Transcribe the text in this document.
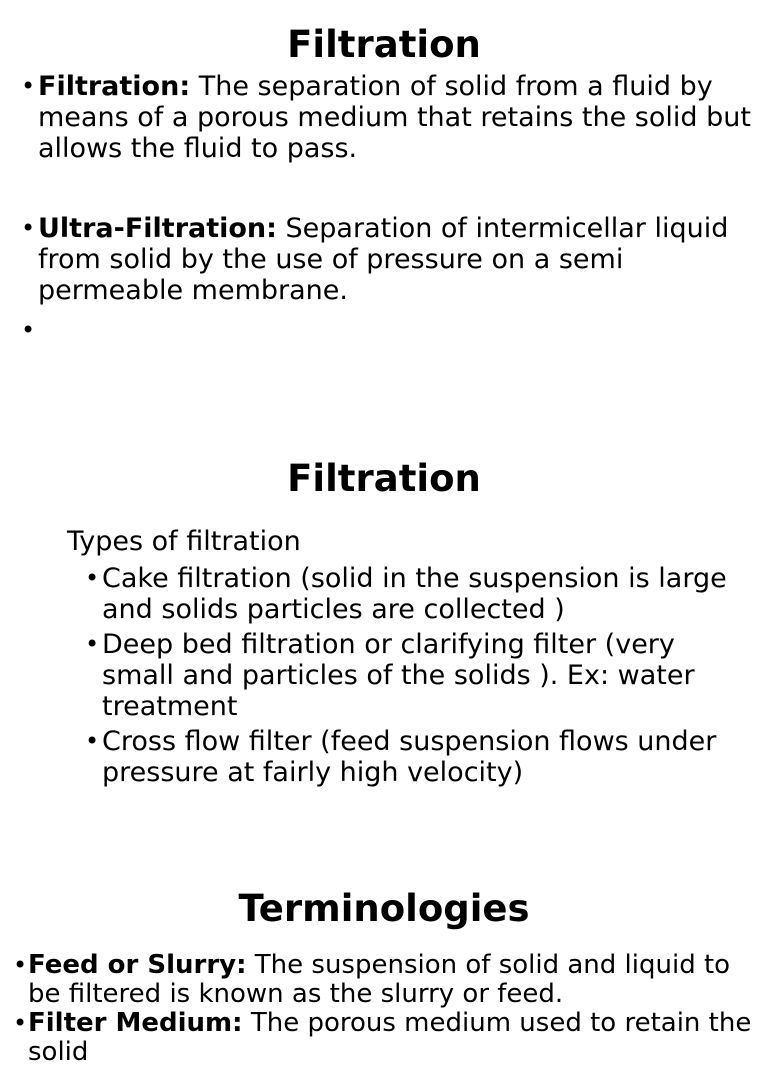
Filtration
• Filtration: The separation of solid from a fluid by means of a porous medium that retains the solid but allows the fluid to pass.
• Ultra-Filtration: Separation of intermicellar liquid from solid by the use of pressure on a semi permeable membrane.
•
Filtration
Types of filtration
• Cake filtration (solid in the suspension is large and solids particles are collected )
• Deep bed filtration or clarifying filter (very small and particles of the solids ). Ex: water treatment
• Cross flow filter (feed suspension flows under pressure at fairly high velocity)
Terminologies
• Feed or Slurry: The suspension of solid and liquid to be filtered is known as the slurry or feed.
• Filter Medium: The porous medium used to retain the solid
